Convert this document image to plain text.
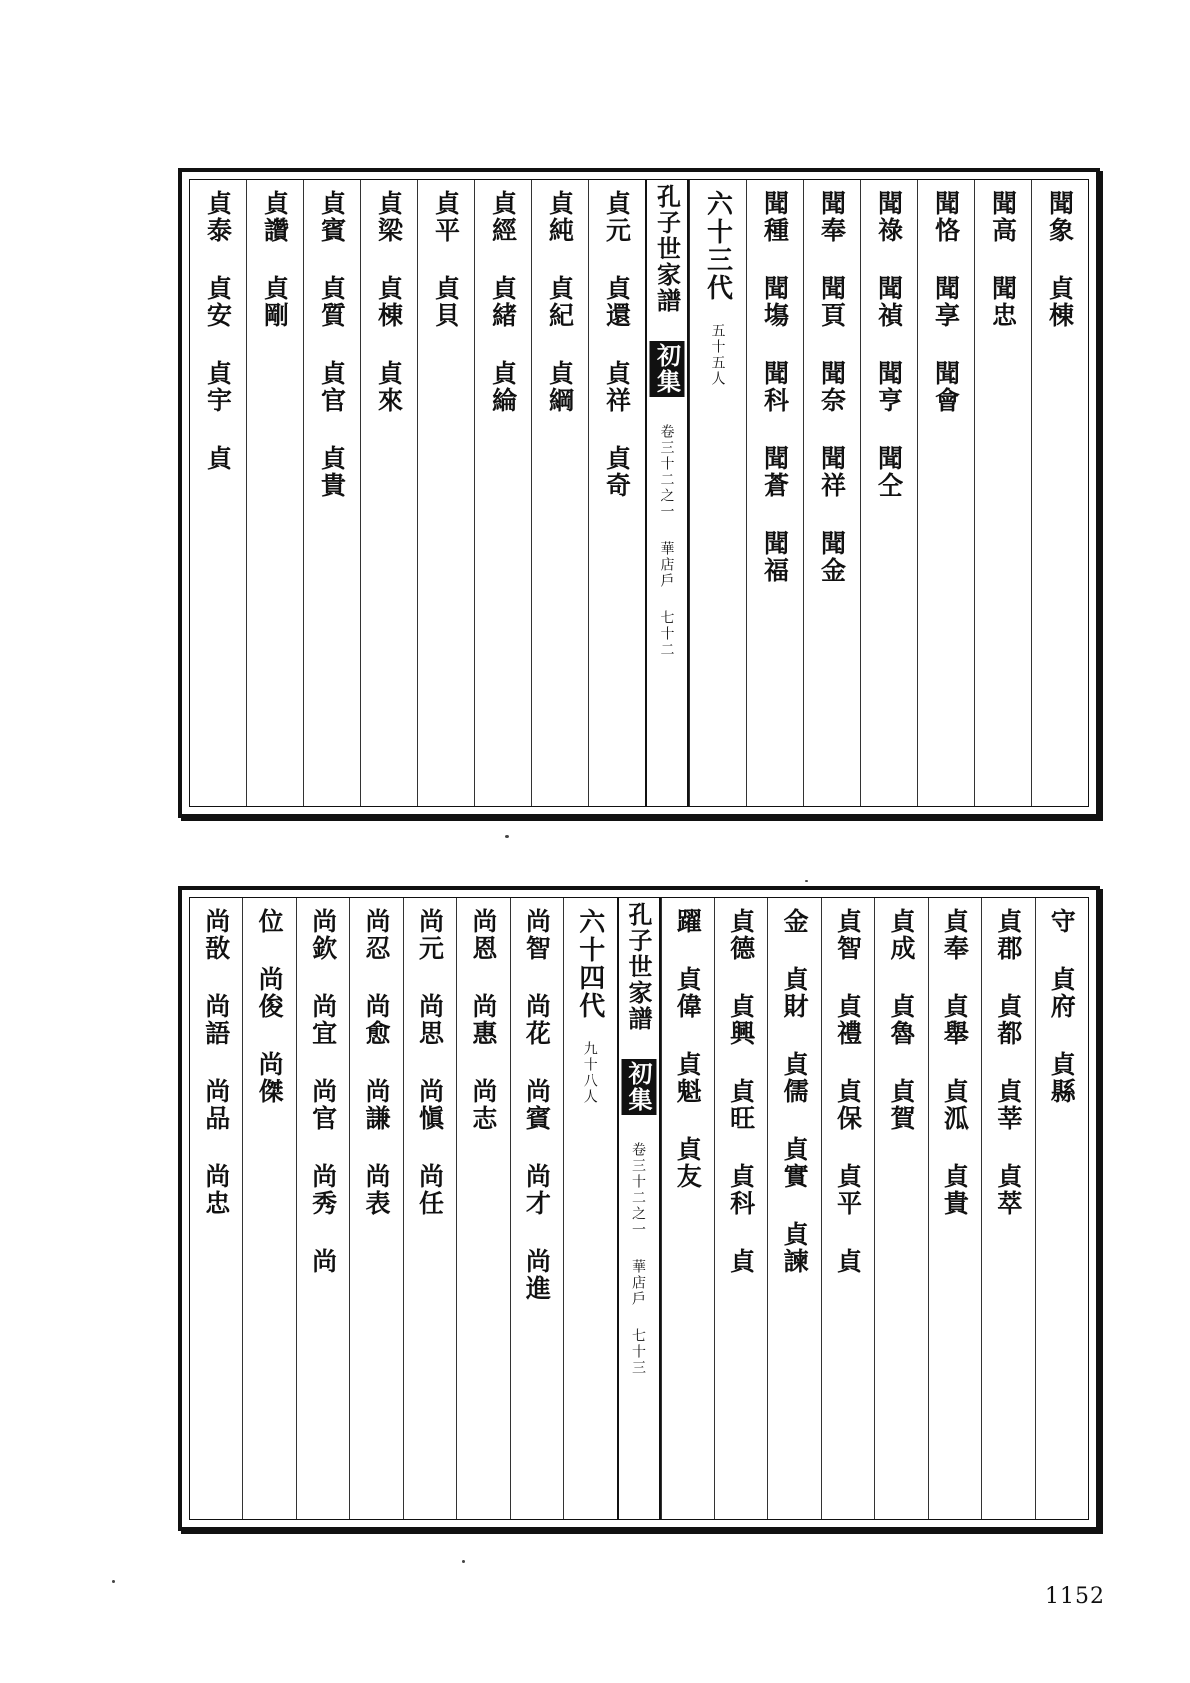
聞象 貞棟
聞高 聞忠
聞恪 聞享 聞會
聞祿 聞禎 聞亨 聞仝
聞奉 聞頁 聞奈 聞祥 聞金
聞種 聞塲 聞科 聞蒼 聞福
六十三代 五十五人
孔子世家譜 初集 卷三十二之一 華店戶 七十二
貞元 貞還 貞祥 貞奇
貞純 貞紀 貞綱
貞經 貞緒 貞綸
貞平 貞貝
貞梁 貞棟 貞來
貞賓 貞質 貞官 貞貴
貞讚 貞剛
貞泰 貞安 貞宇 貞
守 貞府 貞縣
貞郡 貞都 貞莘 貞萃
貞奉 貞舉 貞泒 貞貴
貞成 貞魯 貞賀
貞智 貞禮 貞保 貞平 貞
金 貞財 貞儒 貞實 貞諫
貞德 貞興 貞旺 貞科 貞
躍 貞偉 貞魁 貞友
孔子世家譜 初集 卷三十二之一 華店戶 七十三
六十四代 九十八人
尚智 尚花 尚賓 尚才 尚進
尚恩 尚惠 尚志
尚元 尚思 尚愼 尚任
尚忍 尚愈 尚謙 尚表
尚欽 尚宜 尚官 尚秀 尚
位 尚俊 尚傑
尚敔 尚語 尚品 尚忠
1152
